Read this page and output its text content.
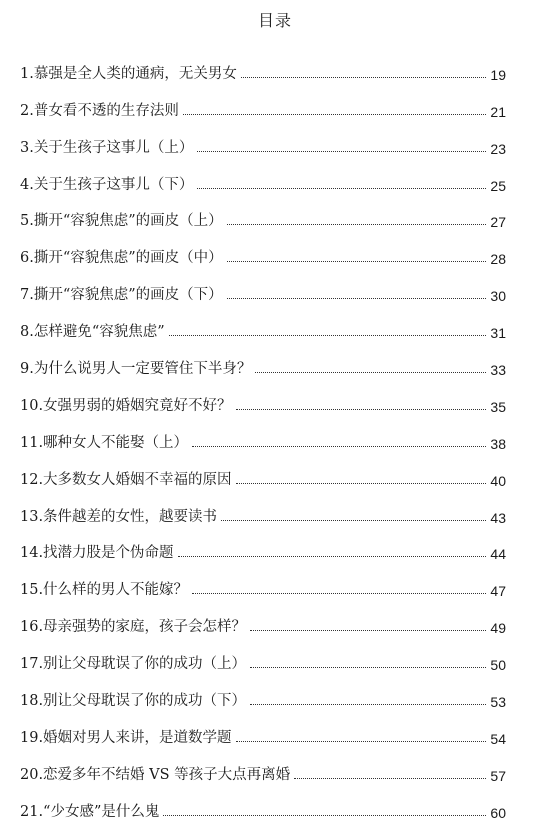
目录
1.慕强是全人类的通病，无关男女	19
2.普女看不透的生存法则	21
3.关于生孩子这事儿（上）	23
4.关于生孩子这事儿（下）	25
5.撕开“容貌焦虑”的画皮（上）	27
6.撕开“容貌焦虑”的画皮（中）	28
7.撕开“容貌焦虑”的画皮（下）	30
8.怎样避免“容貌焦虑”	31
9.为什么说男人一定要管住下半身？	33
10.女强男弱的婚姻究竟好不好？	35
11.哪种女人不能娶（上）	38
12.大多数女人婚姻不幸福的原因	40
13.条件越差的女性，越要读书	43
14.找潜力股是个伪命题	44
15.什么样的男人不能嫁？	47
16.母亲强势的家庭，孩子会怎样？	49
17.别让父母耽误了你的成功（上）	50
18.别让父母耽误了你的成功（下）	53
19.婚姻对男人来讲，是道数学题	54
20.恋爱多年不结婚 VS 等孩子大点再离婚	57
21.“少女感”是什么鬼	60
